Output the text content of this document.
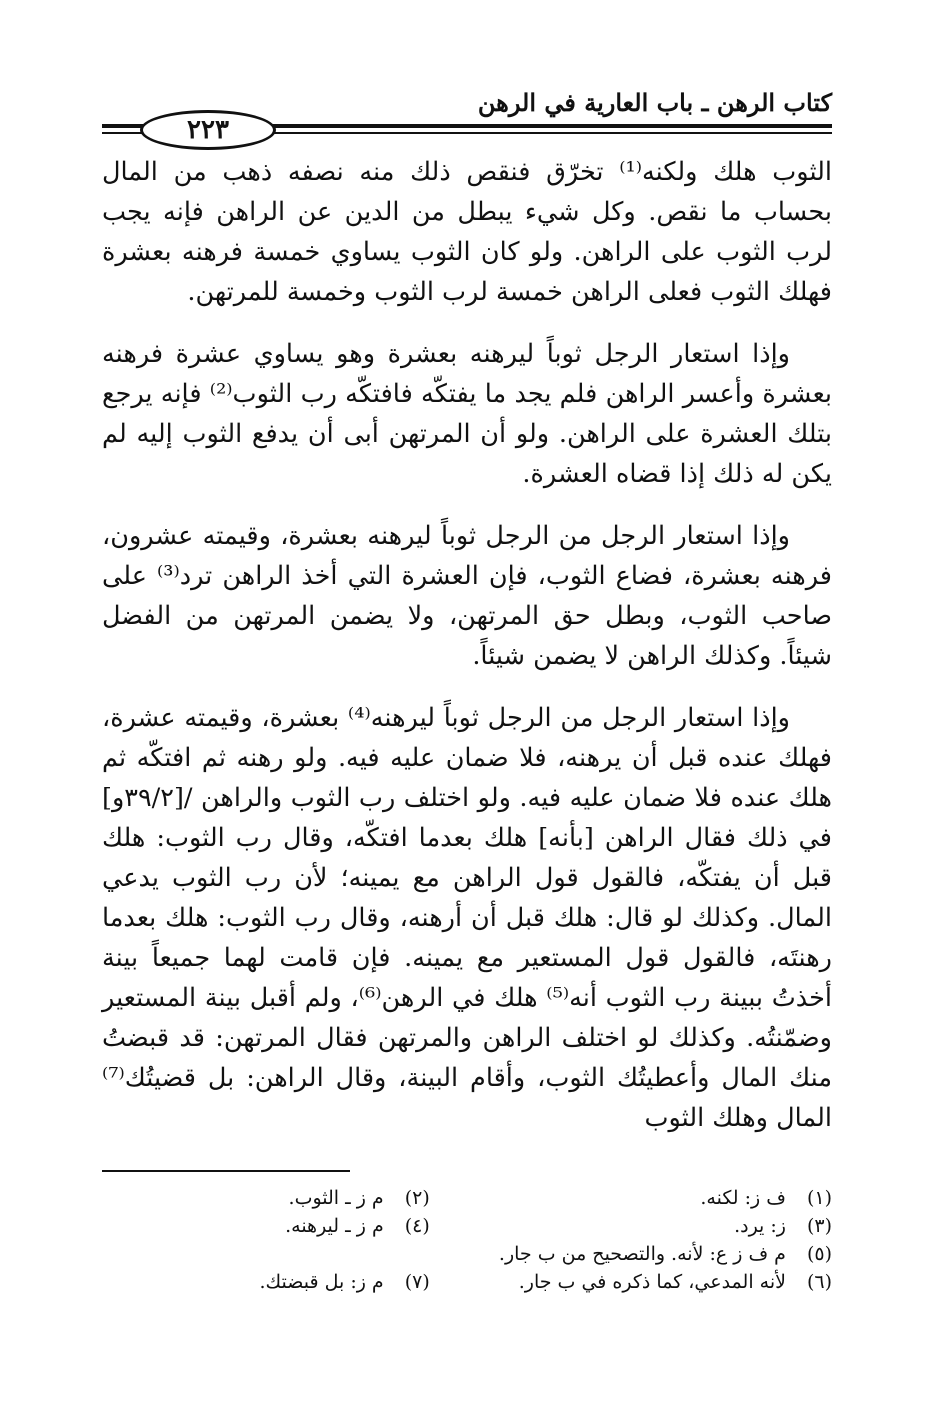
كتاب الرهن ـ باب العارية في الرهن
٢٢٣

الثوب هلك ولكنه⁽¹⁾ تخرّق فنقص ذلك منه نصفه ذهب من المال بحساب ما نقص. وكل شيء يبطل من الدين عن الراهن فإنه يجب لرب الثوب على الراهن. ولو كان الثوب يساوي خمسة فرهنه بعشرة فهلك الثوب فعلى الراهن خمسة لرب الثوب وخمسة للمرتهن.

وإذا استعار الرجل ثوباً ليرهنه بعشرة وهو يساوي عشرة فرهنه بعشرة وأعسر الراهن فلم يجد ما يفتكّه فافتكّه رب الثوب⁽²⁾ فإنه يرجع بتلك العشرة على الراهن. ولو أن المرتهن أبى أن يدفع الثوب إليه لم يكن له ذلك إذا قضاه العشرة.

وإذا استعار الرجل من الرجل ثوباً ليرهنه بعشرة، وقيمته عشرون، فرهنه بعشرة، فضاع الثوب، فإن العشرة التي أخذ الراهن ترد⁽³⁾ على صاحب الثوب، وبطل حق المرتهن، ولا يضمن المرتهن من الفضل شيئاً. وكذلك الراهن لا يضمن شيئاً.

وإذا استعار الرجل من الرجل ثوباً ليرهنه⁽⁴⁾ بعشرة، وقيمته عشرة، فهلك عنده قبل أن يرهنه، فلا ضمان عليه فيه. ولو رهنه ثم افتكّه ثم هلك عنده فلا ضمان عليه فيه. ولو اختلف رب الثوب والراهن /[٣٩/٢و] في ذلك فقال الراهن [بأنه] هلك بعدما افتكّه، وقال رب الثوب: هلك قبل أن يفتكّه، فالقول قول الراهن مع يمينه؛ لأن رب الثوب يدعي المال. وكذلك لو قال: هلك قبل أن أرهنه، وقال رب الثوب: هلك بعدما رهنتَه، فالقول قول المستعير مع يمينه. فإن قامت لهما جميعاً بينة أخذتُ ببينة رب الثوب أنه⁽⁵⁾ هلك في الرهن⁽⁶⁾، ولم أقبل بينة المستعير وضمّنتُه. وكذلك لو اختلف الراهن والمرتهن فقال المرتهن: قد قبضتُ منك المال وأعطيتُك الثوب، وأقام البينة، وقال الراهن: بل قضيتُك⁽⁷⁾ المال وهلك الثوب

(١) ف ز: لكنه.
(٢) م ز ـ الثوب.
(٣) ز: يرد.
(٤) م ز ـ ليرهنه.
(٥) م ف ز ع: لأنه. والتصحيح من ب جار.
(٦) لأنه المدعي، كما ذكره في ب جار.
(٧) م ز: بل قبضتك.
